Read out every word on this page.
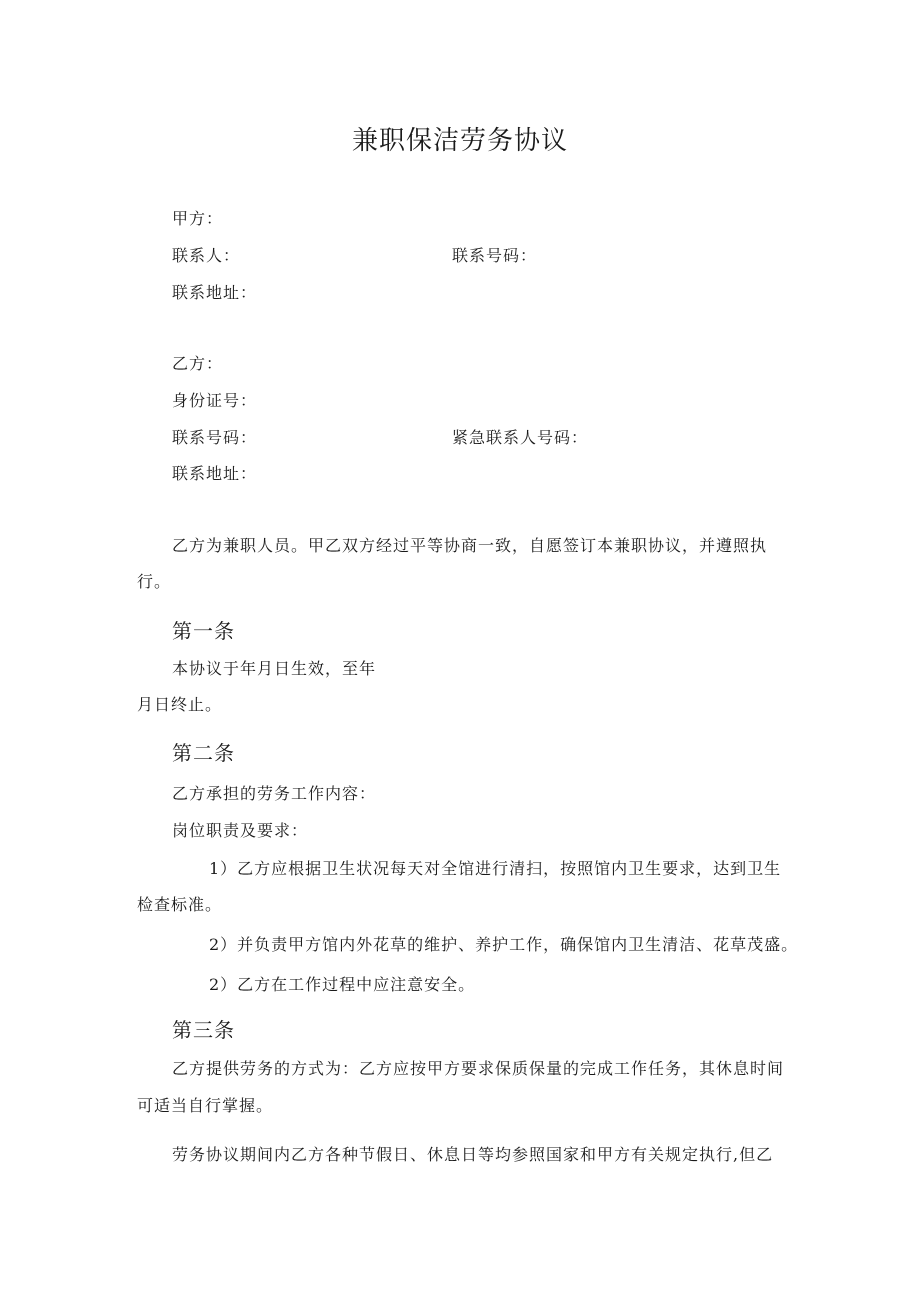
兼职保洁劳务协议
甲方：
联系人：	联系号码：
联系地址：
乙方：
身份证号：
联系号码：	紧急联系人号码：
联系地址：
乙方为兼职人员。甲乙双方经过平等协商一致，自愿签订本兼职协议，并遵照执
行。
第一条
本协议于年月日生效，至年
月日终止。
第二条
乙方承担的劳务工作内容：
岗位职责及要求：
1）乙方应根据卫生状况每天对全馆进行清扫，按照馆内卫生要求，达到卫生
检查标准。
2）并负责甲方馆内外花草的维护、养护工作，确保馆内卫生清洁、花草茂盛。
2）乙方在工作过程中应注意安全。
第三条
乙方提供劳务的方式为：乙方应按甲方要求保质保量的完成工作任务，其休息时间
可适当自行掌握。
劳务协议期间内乙方各种节假日、休息日等均参照国家和甲方有关规定执行,但乙
